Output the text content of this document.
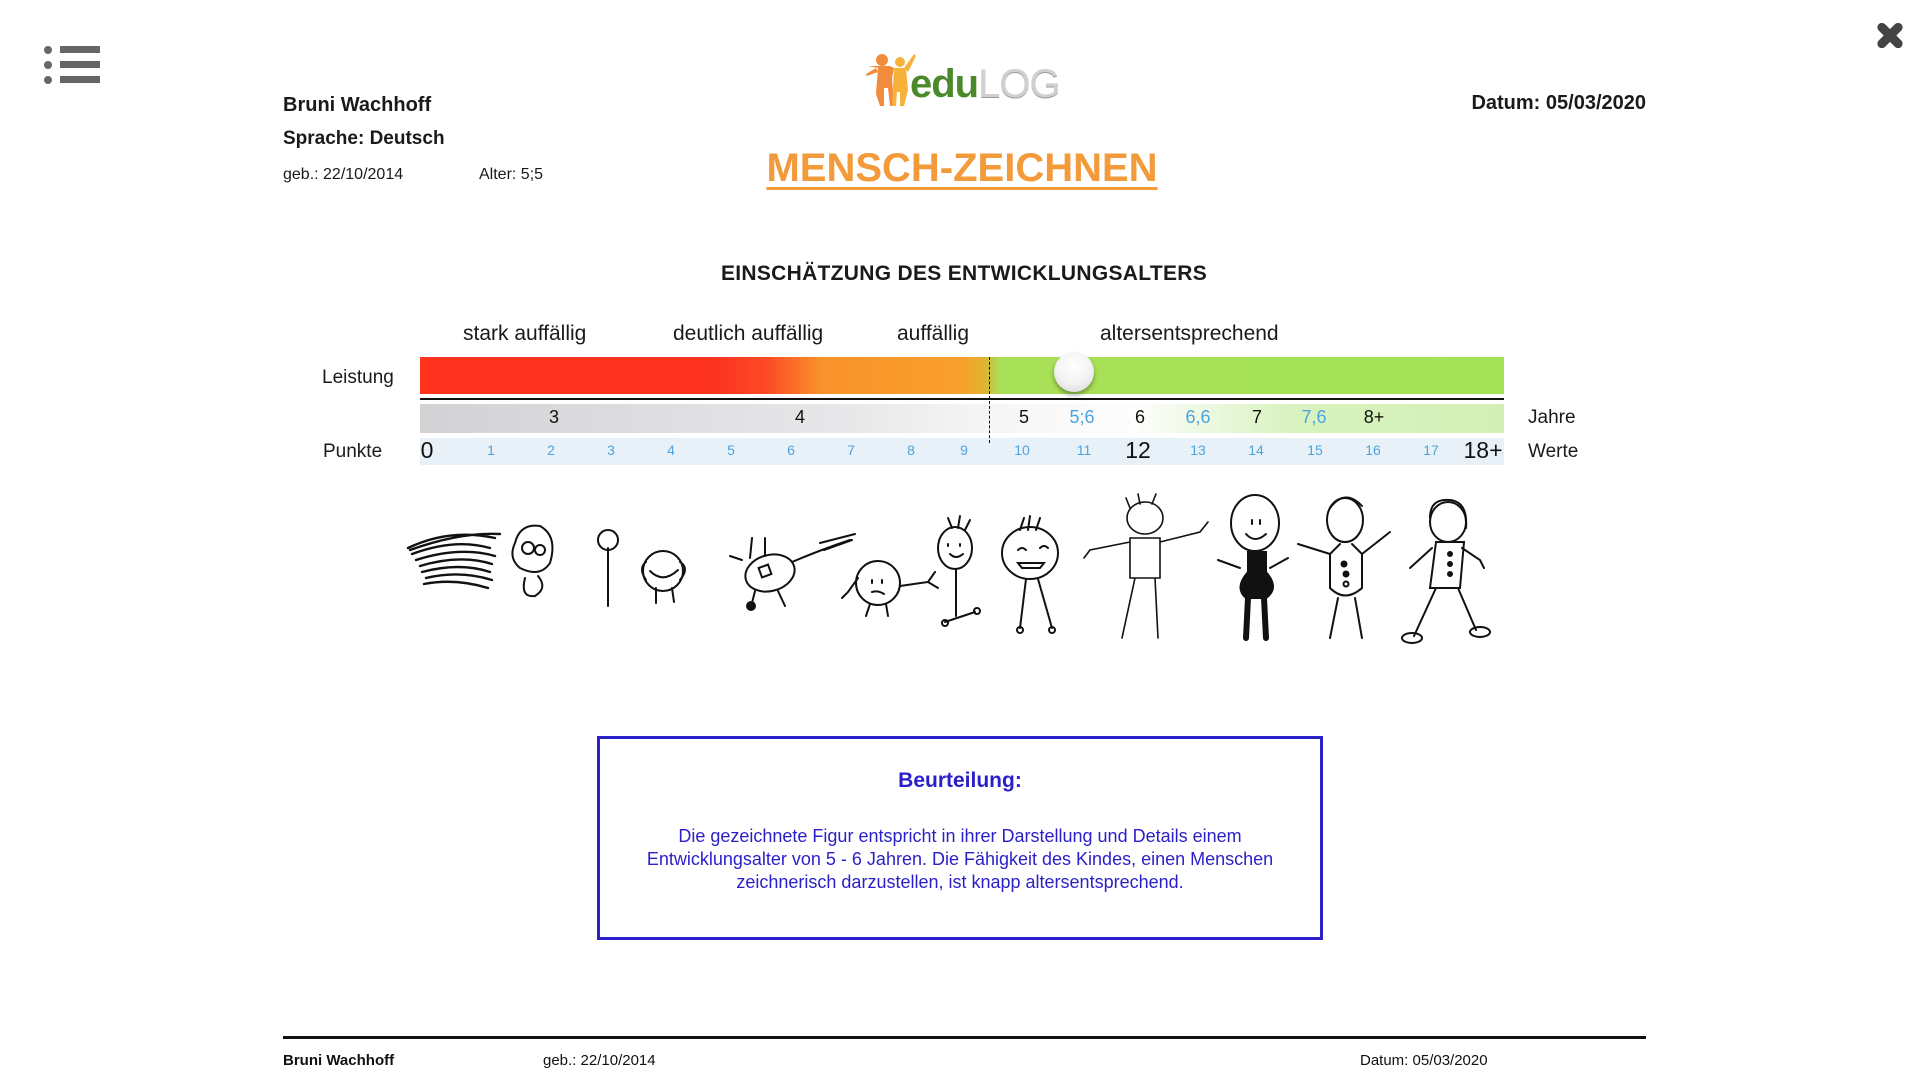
Bruni Wachhoff
Sprache: Deutsch
geb.: 22/10/2014	Alter: 5;5
Datum: 05/03/2020
eduLOG
MENSCH-ZEICHNEN
EINSCHÄTZUNG DES ENTWICKLUNGSALTERS
stark auffällig	deutlich auffällig	auffällig	altersentsprechend
Leistung
3	4	5 5;6 6 6,6 7 7,6 8+
0	1	2	3	4	5	6	7	8	9	10	11 12	13	14	15	16	17 18+
Punkte
Jahre
Werte
Beurteilung:
Die gezeichnete Figur entspricht in ihrer Darstellung und Details einem Entwicklungsalter von 5 - 6 Jahren. Die Fähigkeit des Kindes, einen Menschen zeichnerisch darzustellen, ist knapp altersentsprechend.
Bruni Wachhoff	geb.: 22/10/2014	Datum: 05/03/2020
